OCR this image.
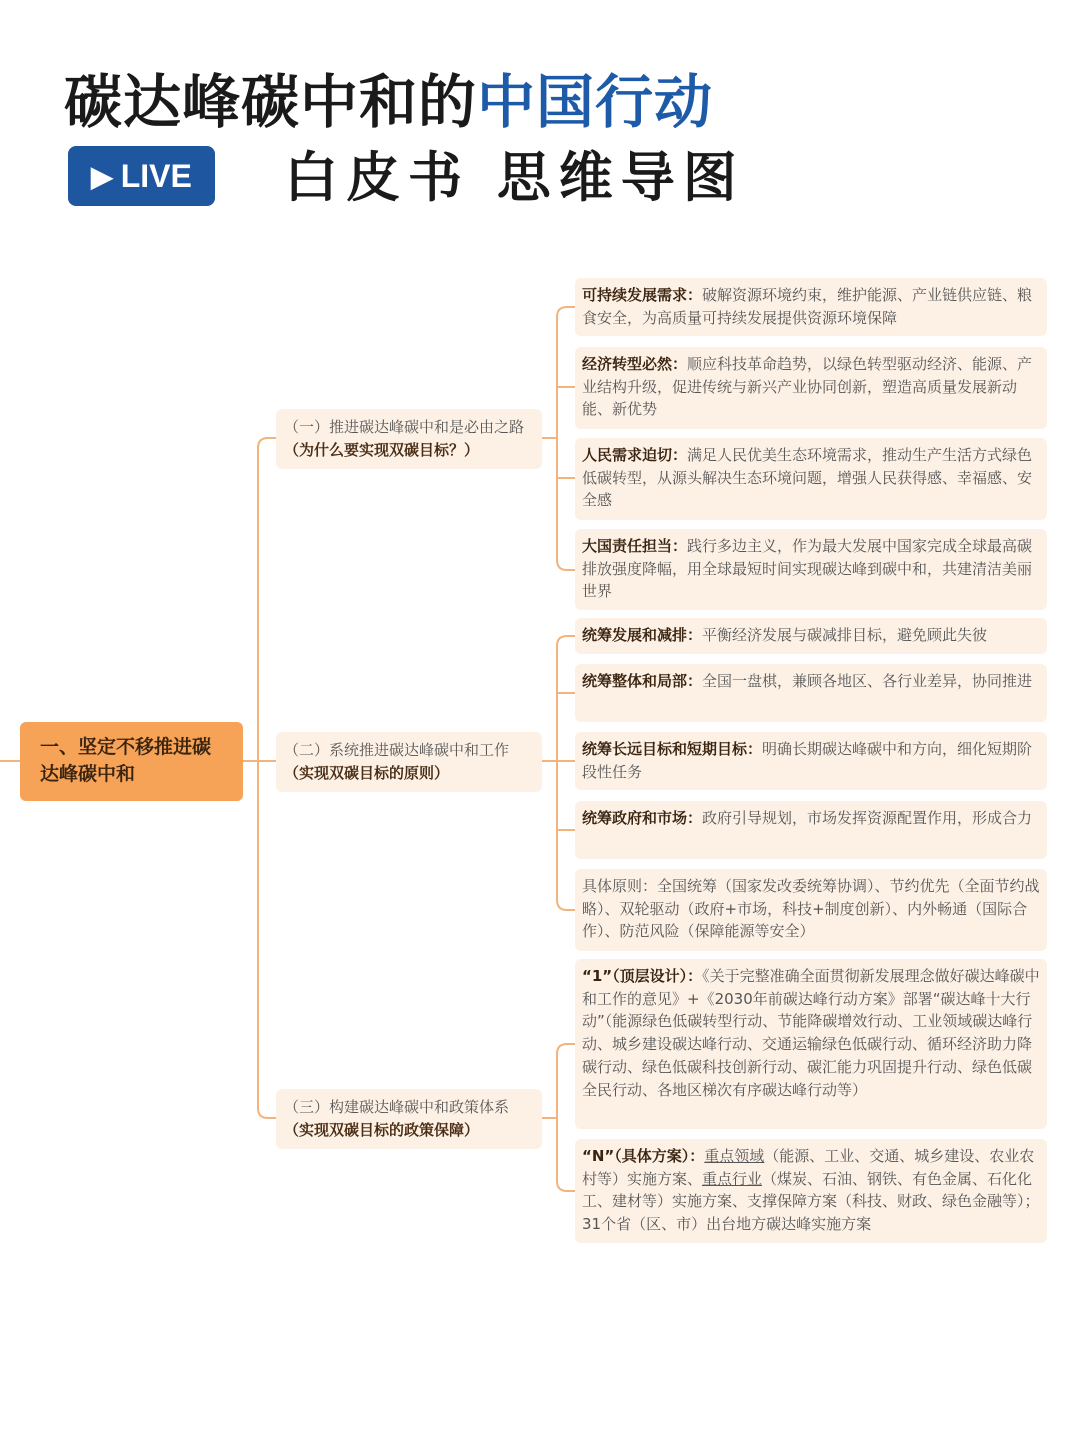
碳达峰碳中和的中国行动
▶ LIVE 白皮书 思维导图
一、坚定不移推进碳达峰碳中和
（一）推进碳达峰碳中和是必由之路（为什么要实现双碳目标？）
可持续发展需求：破解资源环境约束，维护能源、产业链供应链、粮食安全，为高质量可持续发展提供资源环境保障
经济转型必然：顺应科技革命趋势，以绿色转型驱动经济、能源、产业结构升级，促进传统与新兴产业协同创新，塑造高质量发展新动能、新优势
人民需求迫切：满足人民优美生态环境需求，推动生产生活方式绿色低碳转型，从源头解决生态环境问题，增强人民获得感、幸福感、安全感
大国责任担当：践行多边主义，作为最大发展中国家完成全球最高碳排放强度降幅，用全球最短时间实现碳达峰到碳中和，共建清洁美丽世界
（二）系统推进碳达峰碳中和工作（实现双碳目标的原则）
统筹发展和减排：平衡经济发展与碳减排目标，避免顾此失彼
统筹整体和局部：全国一盘棋，兼顾各地区、各行业差异，协同推进
统筹长远目标和短期目标：明确长期碳达峰碳中和方向，细化短期阶段性任务
统筹政府和市场：政府引导规划，市场发挥资源配置作用，形成合力
具体原则：全国统筹（国家发改委统筹协调）、节约优先（全面节约战略）、双轮驱动（政府+市场，科技+制度创新）、内外畅通（国际合作）、防范风险（保障能源等安全）
（三）构建碳达峰碳中和政策体系（实现双碳目标的政策保障）
“1”（顶层设计）：《关于完整准确全面贯彻新发展理念做好碳达峰碳中和工作的意见》+《2030年前碳达峰行动方案》部署“碳达峰十大行动”（能源绿色低碳转型行动、节能降碳增效行动、工业领域碳达峰行动、城乡建设碳达峰行动、交通运输绿色低碳行动、循环经济助力降碳行动、绿色低碳科技创新行动、碳汇能力巩固提升行动、绿色低碳全民行动、各地区梯次有序碳达峰行动等）
“N”（具体方案）：重点领域（能源、工业、交通、城乡建设、农业农村等）实施方案、重点行业（煤炭、石油、钢铁、有色金属、石化化工、建材等）实施方案、支撑保障方案（科技、财政、绿色金融等）；31个省（区、市）出台地方碳达峰实施方案
